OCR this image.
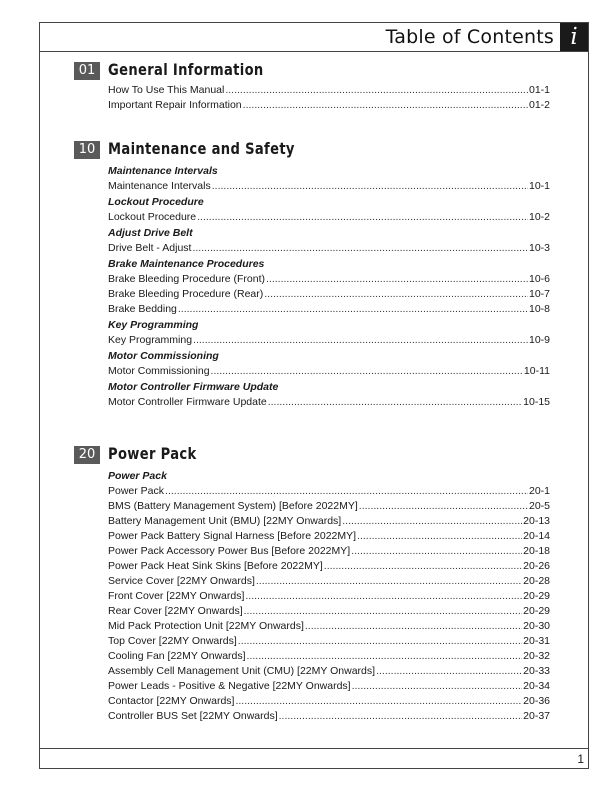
Table of Contents i
01 General Information
How To Use This Manual .....	01-1
Important Repair Information .....	01-2
10 Maintenance and Safety
Maintenance Intervals
Maintenance Intervals .....	10-1
Lockout Procedure
Lockout Procedure .....	10-2
Adjust Drive Belt
Drive Belt - Adjust .....	10-3
Brake Maintenance Procedures
Brake Bleeding Procedure (Front) .....	10-6
Brake Bleeding Procedure (Rear) .....	10-7
Brake Bedding .....	10-8
Key Programming
Key Programming .....	10-9
Motor Commissioning
Motor Commissioning .....	10-11
Motor Controller Firmware Update
Motor Controller Firmware Update .....	10-15
20 Power Pack
Power Pack
Power Pack .....	20-1
BMS (Battery Management System) [Before 2022MY] .....	20-5
Battery Management Unit (BMU) [22MY Onwards] .....	20-13
Power Pack Battery Signal Harness [Before 2022MY] .....	20-14
Power Pack Accessory Power Bus [Before 2022MY] .....	20-18
Power Pack Heat Sink Skins [Before 2022MY] .....	20-26
Service Cover [22MY Onwards] .....	20-28
Front Cover [22MY Onwards] .....	20-29
Rear Cover [22MY Onwards] .....	20-29
Mid Pack Protection Unit [22MY Onwards] .....	20-30
Top Cover [22MY Onwards] .....	20-31
Cooling Fan [22MY Onwards] .....	20-32
Assembly Cell Management Unit (CMU) [22MY Onwards] .....	20-33
Power Leads - Positive & Negative [22MY Onwards] .....	20-34
Contactor [22MY Onwards] .....	20-36
Controller BUS Set [22MY Onwards] .....	20-37
1
